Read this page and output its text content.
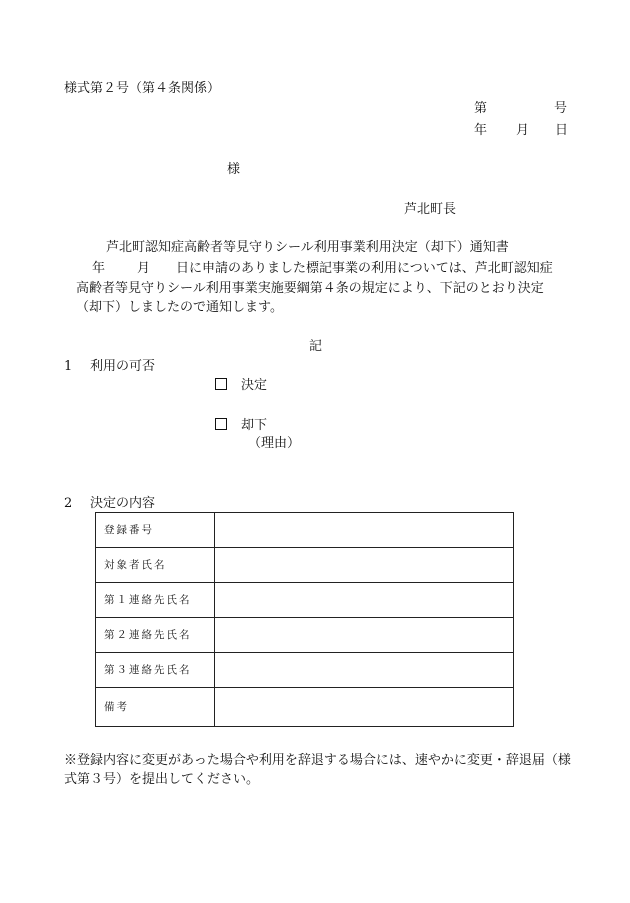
様式第２号（第４条関係）
第	号
年 月 日
様
芦北町長
芦北町認知症高齢者等見守りシール利用事業利用決定（却下）通知書
年 月 日に申請のありました標記事業の利用については、芦北町認知症
高齢者等見守りシール利用事業実施要綱第４条の規定により、下記のとおり決定
（却下）しましたので通知します。
記
1 利用の可否
決定
却下
（理由）
2 決定の内容
登録番号	
対象者氏名	
第１連絡先氏名	
第２連絡先氏名	
第３連絡先氏名	
備考	
※登録内容に変更があった場合や利用を辞退する場合には、速やかに変更・辞退届（様式第３号）を提出してください。
